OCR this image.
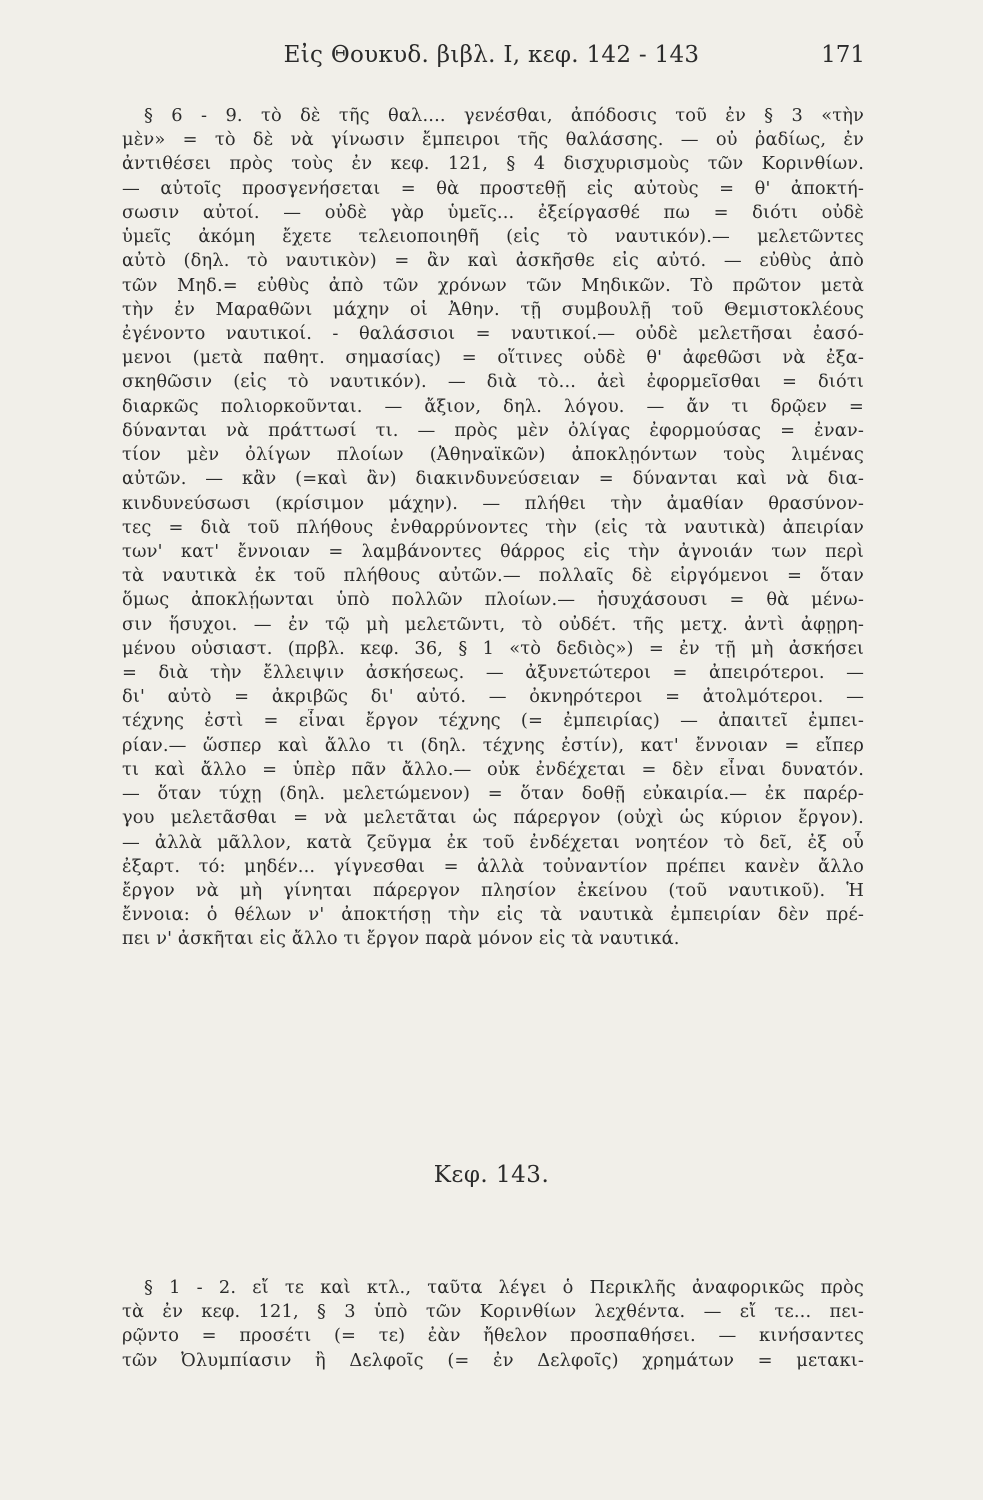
Εἰς Θουκυδ. βιβλ. Ι, κεφ. 142 - 143	171
§ 6 - 9. τὸ δὲ τῆς θαλ.... γενέσθαι, ἀπόδοσις τοῦ ἐν § 3 «τὴν
μὲν» = τὸ δὲ νὰ γίνωσιν ἔμπειροι τῆς θαλάσσης. — οὐ ῥαδίως, ἐν
ἀντιθέσει πρὸς τοὺς ἐν κεφ. 121, § 4 δισχυρισμοὺς τῶν Κορινθίων.
— αὐτοῖς προσγενήσεται = θὰ προστεθῇ εἰς αὐτοὺς = θ' ἀποκτή-
σωσιν αὐτοί. — οὐδὲ γὰρ ὑμεῖς... ἐξείργασθέ πω = διότι οὐδὲ
ὑμεῖς ἀκόμη ἔχετε τελειοποιηθῆ (εἰς τὸ ναυτικόν).— μελετῶντες
αὐτὸ (δηλ. τὸ ναυτικὸν) = ἂν καὶ ἀσκῆσθε εἰς αὐτό. — εὐθὺς ἀπὸ
τῶν Μηδ.= εὐθὺς ἀπὸ τῶν χρόνων τῶν Μηδικῶν. Τὸ πρῶτον μετὰ
τὴν ἐν Μαραθῶνι μάχην οἱ Ἀθην. τῇ συμβουλῇ τοῦ Θεμιστοκλέους
ἐγένοντο ναυτικοί. - θαλάσσιοι = ναυτικοί.— οὐδὲ μελετῆσαι ἐασό-
μενοι (μετὰ παθητ. σημασίας) = οἵτινες οὐδὲ θ' ἀφεθῶσι νὰ ἐξα-
σκηθῶσιν (εἰς τὸ ναυτικόν). — διὰ τὸ... ἀεὶ ἐφορμεῖσθαι = διότι
διαρκῶς πολιορκοῦνται. — ἄξιον, δηλ. λόγου. — ἄν τι δρῷεν =
δύνανται νὰ πράττωσί τι. — πρὸς μὲν ὀλίγας ἐφορμούσας = ἐναν-
τίον μὲν ὀλίγων πλοίων (Ἀθηναϊκῶν) ἀποκλῃόντων τοὺς λιμένας
αὐτῶν. — κἂν (=καὶ ἂν) διακινδυνεύσειαν = δύνανται καὶ νὰ δια-
κινδυνεύσωσι (κρίσιμον μάχην). — πλήθει τὴν ἀμαθίαν θρασύνον-
τες = διὰ τοῦ πλήθους ἐνθαρρύνοντες τὴν (εἰς τὰ ναυτικὰ) ἀπειρίαν
των' κατ' ἔννοιαν = λαμβάνοντες θάρρος εἰς τὴν ἀγνοιάν των περὶ
τὰ ναυτικὰ ἐκ τοῦ πλήθους αὐτῶν.— πολλαῖς δὲ εἰργόμενοι = ὅταν
ὅμως ἀποκλῄωνται ὑπὸ πολλῶν πλοίων.— ἡσυχάσουσι = θὰ μένω-
σιν ἥσυχοι. — ἐν τῷ μὴ μελετῶντι, τὸ οὐδέτ. τῆς μετχ. ἀντὶ ἀφῃρη-
μένου οὐσιαστ. (πρβλ. κεφ. 36, § 1 «τὸ δεδιὸς») = ἐν τῇ μὴ ἀσκήσει
= διὰ τὴν ἔλλειψιν ἀσκήσεως. — ἀξυνετώτεροι = ἀπειρότεροι. —
δι' αὐτὸ = ἀκριβῶς δι' αὐτό. — ὀκνηρότεροι = ἀτολμότεροι. —
τέχνης ἐστὶ = εἶναι ἔργον τέχνης (= ἐμπειρίας) — ἀπαιτεῖ ἐμπει-
ρίαν.— ὥσπερ καὶ ἄλλο τι (δηλ. τέχνης ἐστίν), κατ' ἔννοιαν = εἴπερ
τι καὶ ἄλλο = ὑπὲρ πᾶν ἄλλο.— οὐκ ἐνδέχεται = δὲν εἶναι δυνατόν.
— ὅταν τύχῃ (δηλ. μελετώμενον) = ὅταν δοθῇ εὐκαιρία.— ἐκ παρέρ-
γου μελετᾶσθαι = νὰ μελετᾶται ὡς πάρεργον (οὐχὶ ὡς κύριον ἔργον).
— ἀλλὰ μᾶλλον, κατὰ ζεῦγμα ἐκ τοῦ ἐνδέχεται νοητέον τὸ δεῖ, ἐξ οὗ
ἐξαρτ. τό: μηδέν... γίγνεσθαι = ἀλλὰ τοὐναντίον πρέπει κανὲν ἄλλο
ἔργον νὰ μὴ γίνηται πάρεργον πλησίον ἐκείνου (τοῦ ναυτικοῦ). Ἡ
ἔννοια: ὁ θέλων ν' ἀποκτήσῃ τὴν εἰς τὰ ναυτικὰ ἐμπειρίαν δὲν πρέ-
πει ν' ἀσκῆται εἰς ἄλλο τι ἔργον παρὰ μόνον εἰς τὰ ναυτικά.
Κεφ. 143.
§ 1 - 2. εἴ τε καὶ κτλ., ταῦτα λέγει ὁ Περικλῆς ἀναφορικῶς πρὸς
τὰ ἐν κεφ. 121, § 3 ὑπὸ τῶν Κορινθίων λεχθέντα. — εἴ τε... πει-
ρῷντο = προσέτι (= τε) ἐὰν ἤθελον προσπαθήσει. — κινήσαντες
τῶν Ὀλυμπίασιν ἢ Δελφοῖς (= ἐν Δελφοῖς) χρημάτων = μετακι-
